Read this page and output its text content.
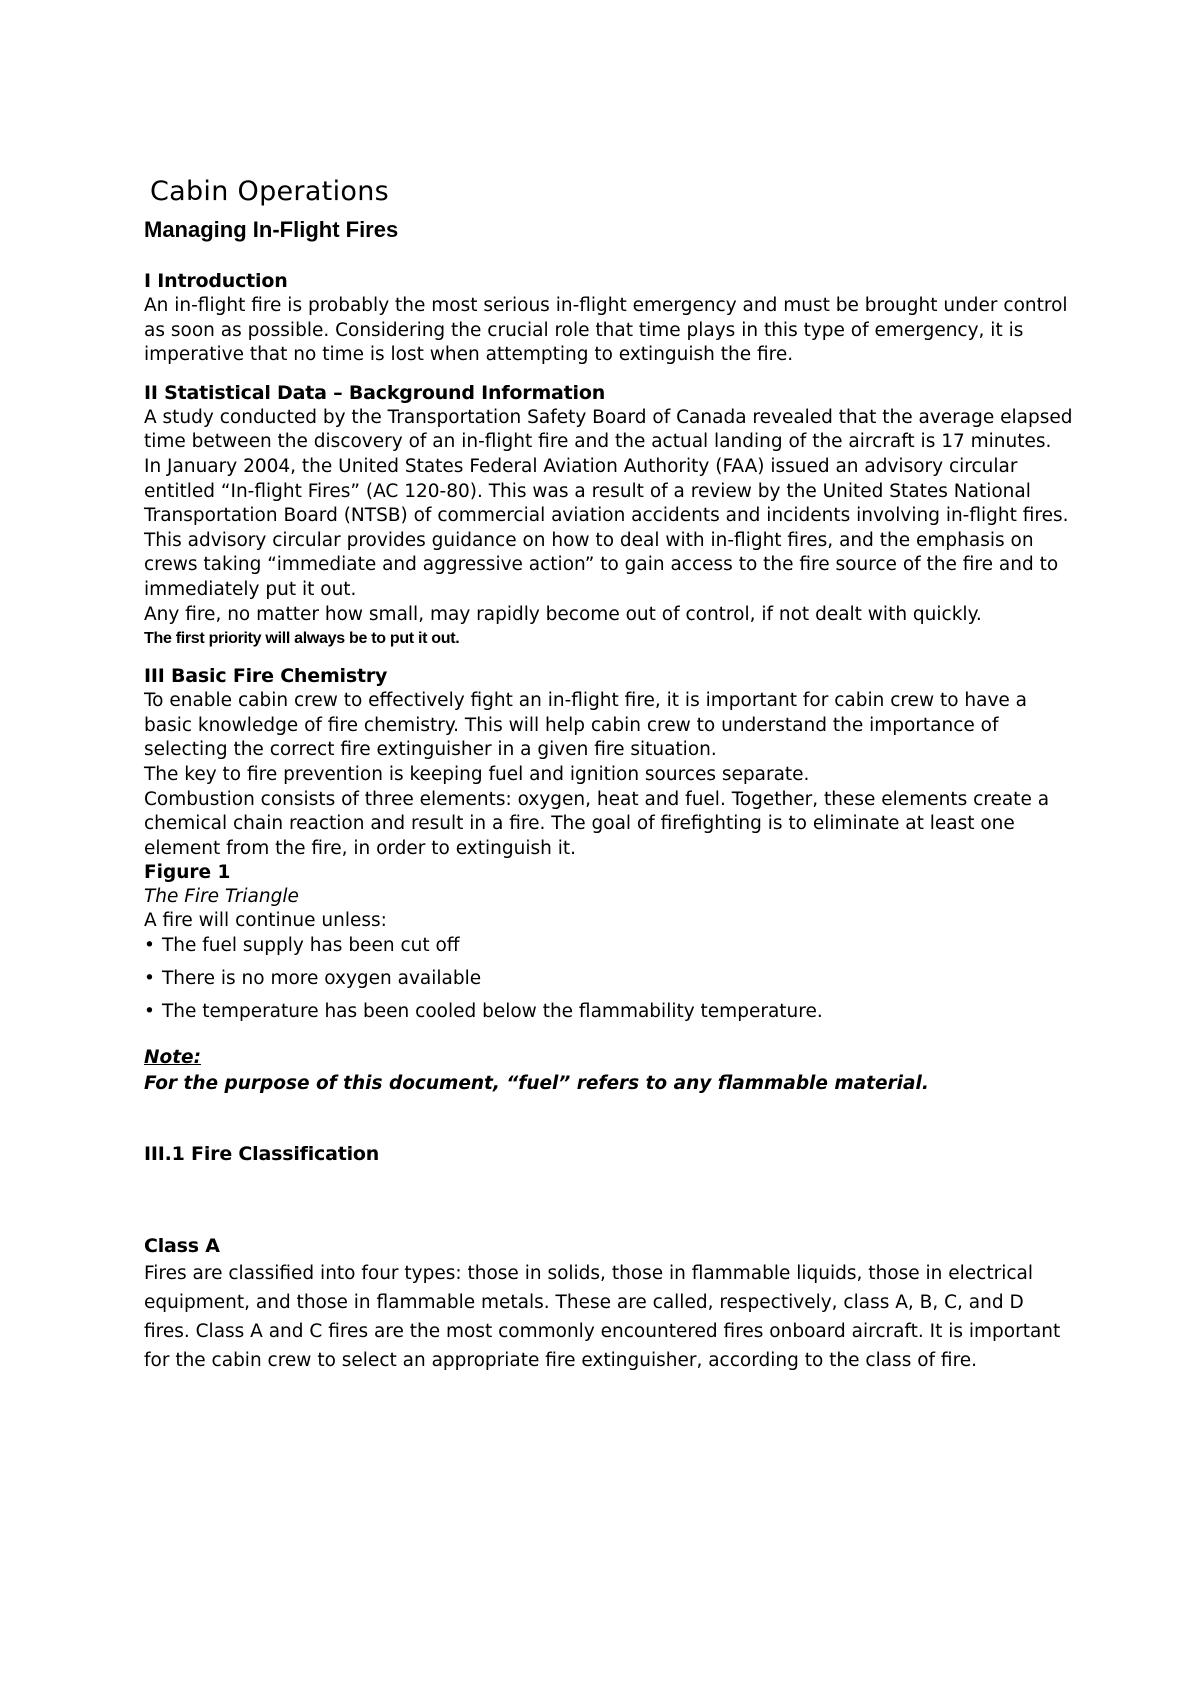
Cabin Operations
Managing In-Flight Fires
I Introduction

An in-flight fire is probably the most serious in-flight emergency and must be brought under control as soon as possible. Considering the crucial role that time plays in this type of emergency, it is imperative that no time is lost when attempting to extinguish the fire.

II Statistical Data – Background Information

A study conducted by the Transportation Safety Board of Canada revealed that the average elapsed time between the discovery of an in-flight fire and the actual landing of the aircraft is 17 minutes.

In January 2004, the United States Federal Aviation Authority (FAA) issued an advisory circular entitled “In-flight Fires” (AC 120-80). This was a result of a review by the United States National Transportation Board (NTSB) of commercial aviation accidents and incidents involving in-flight fires. This advisory circular provides guidance on how to deal with in-flight fires, and the emphasis on crews taking “immediate and aggressive action” to gain access to the fire source of the fire and to immediately put it out.

Any fire, no matter how small, may rapidly become out of control, if not dealt with quickly.

The first priority will always be to put it out.

III Basic Fire Chemistry

To enable cabin crew to effectively fight an in-flight fire, it is important for cabin crew to have a basic knowledge of fire chemistry. This will help cabin crew to understand the importance of selecting the correct fire extinguisher in a given fire situation.

The key to fire prevention is keeping fuel and ignition sources separate.

Combustion consists of three elements: oxygen, heat and fuel. Together, these elements create a chemical chain reaction and result in a fire. The goal of firefighting is to eliminate at least one element from the fire, in order to extinguish it.

Figure 1
The Fire Triangle

A fire will continue unless:

• The fuel supply has been cut off
• There is no more oxygen available
• The temperature has been cooled below the flammability temperature.
Note:
For the purpose of this document, “fuel” refers to any flammable material.
III.1 Fire Classification
Class A

Fires are classified into four types: those in solids, those in flammable liquids, those in electrical equipment, and those in flammable metals. These are called, respectively, class A, B, C, and D fires. Class A and C fires are the most commonly encountered fires onboard aircraft. It is important for the cabin crew to select an appropriate fire extinguisher, according to the class of fire.
